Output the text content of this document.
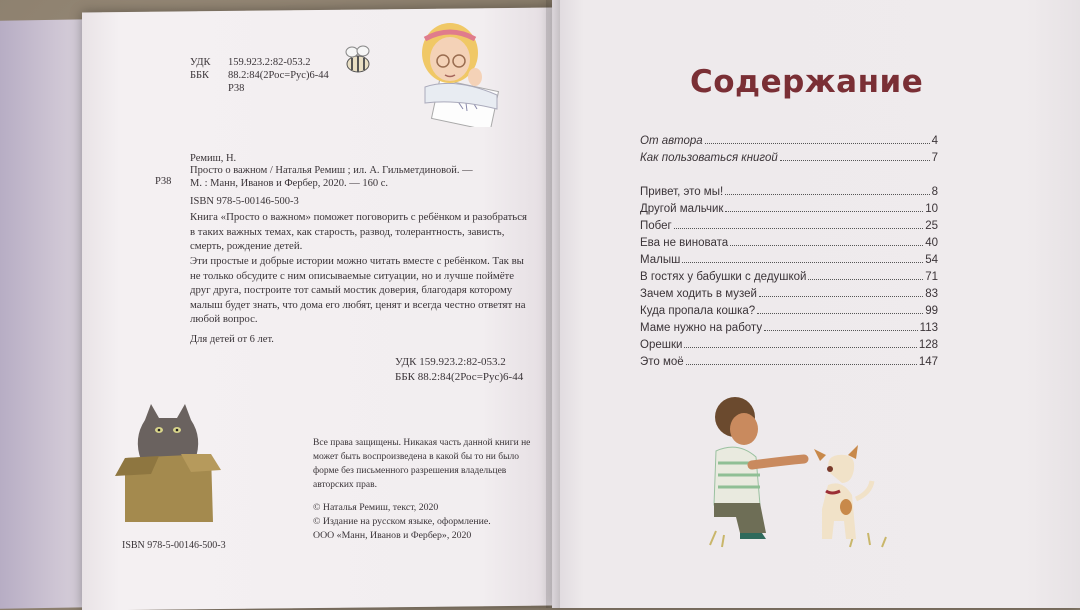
УДК 159.923.2:82-053.2
ББК 88.2:84(2Рос=Рус)6-44
Р38
Ремиш, Н.
Р38
Просто о важном / Наталья Ремиш ; ил. А. Гильметдиновой. —
М. : Манн, Иванов и Фербер, 2020. — 160 с.
ISBN 978-5-00146-500-3
Книга «Просто о важном» поможет поговорить с ребёнком и разобраться в таких важных темах, как старость, развод, толерантность, зависть, смерть, рождение детей.
Эти простые и добрые истории можно читать вместе с ребёнком. Так вы не только обсудите с ним описываемые ситуации, но и лучше поймёте друг друга, построите тот самый мостик доверия, благодаря которому малыш будет знать, что дома его любят, ценят и всегда честно ответят на любой вопрос.
Для детей от 6 лет.
УДК 159.923.2:82-053.2
ББК 88.2:84(2Рос=Рус)6-44
Все права защищены. Никакая часть данной книги не может быть воспроизведена в какой бы то ни было форме без письменного разрешения владельцев авторских прав.
© Наталья Ремиш, текст, 2020
© Издание на русском языке, оформление.
ООО «Манн, Иванов и Фербер», 2020
ISBN 978-5-00146-500-3
Содержание
От автора	4
Как пользоваться книгой	7
Привет, это мы!	8
Другой мальчик	10
Побег	25
Ева не виновата	40
Малыш	54
В гостях у бабушки с дедушкой	71
Зачем ходить в музей	83
Куда пропала кошка?	99
Маме нужно на работу	113
Орешки	128
Это моё	147
